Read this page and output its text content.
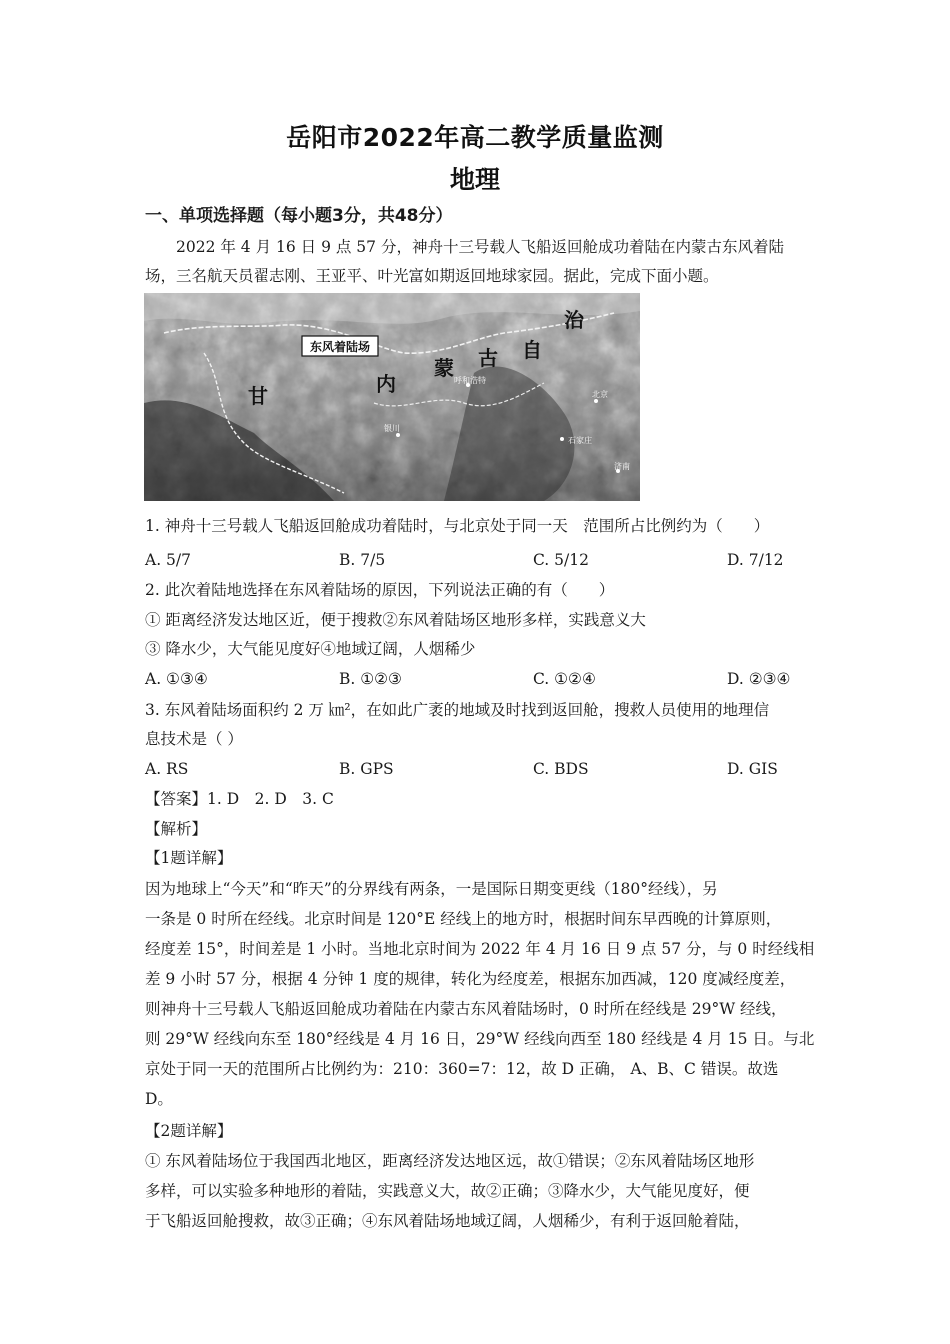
岳阳市2022年高二教学质量监测
地理
一、单项选择题（每小题3分，共48分）
2022 年 4 月 16 日 9 点 57 分，神舟十三号载人飞船返回舱成功着陆在内蒙古东风着陆
场，三名航天员翟志刚、王亚平、叶光富如期返回地球家园。据此，完成下面小题。
东风着陆场
甘	内
蒙 古 自
治
呼和浩特
北京
石家庄
济南
银川
1. 神舟十三号载人飞船返回舱成功着陆时，与北京处于同一天　范围所占比例约为（　　）
A. 5/7	B. 7/5	C. 5/12	D. 7/12
2. 此次着陆地选择在东风着陆场的原因，下列说法正确的有（　　）
① 距离经济发达地区近，便于搜救②东风着陆场区地形多样，实践意义大
③ 降水少，大气能见度好④地域辽阔，人烟稀少
A. ①③④	B. ①②③	C. ①②④	D. ②③④
3. 东风着陆场面积约 2 万 ㎞²，在如此广袤的地域及时找到返回舱，搜救人员使用的地理信
息技术是（ ）
A. RS	B. GPS	C. BDS	D. GIS
【答案】1. D　2. D　3. C
【解析】
【1题详解】
因为地球上“今天”和“昨天”的分界线有两条，一是国际日期变更线（180°经线），另
一条是 0 时所在经线。北京时间是 120°E 经线上的地方时，根据时间东早西晚的计算原则，
经度差 15°，时间差是 1 小时。当地北京时间为 2022 年 4 月 16 日 9 点 57 分，与 0 时经线相
差 9 小时 57 分，根据 4 分钟 1 度的规律，转化为经度差，根据东加西减，120 度减经度差，
则神舟十三号载人飞船返回舱成功着陆在内蒙古东风着陆场时，0 时所在经线是 29°W 经线，
则 29°W 经线向东至 180°经线是 4 月 16 日，29°W 经线向西至 180 经线是 4 月 15 日。与北
京处于同一天的范围所占比例约为：210：360=7：12，故 D 正确， A、B、C 错误。故选
D。
【2题详解】
① 东风着陆场位于我国西北地区，距离经济发达地区远，故①错误；②东风着陆场区地形
多样，可以实验多种地形的着陆，实践意义大，故②正确；③降水少，大气能见度好，便
于飞船返回舱搜救，故③正确；④东风着陆场地域辽阔，人烟稀少，有利于返回舱着陆，
